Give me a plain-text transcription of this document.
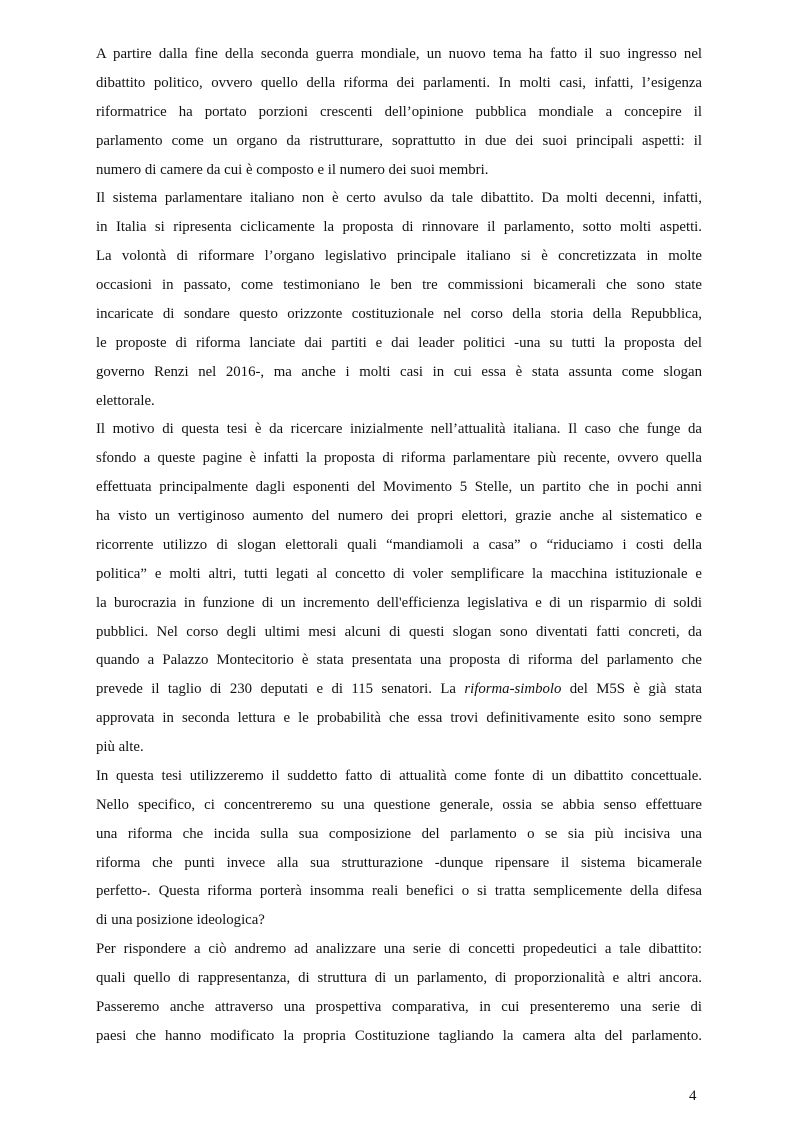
A partire dalla fine della seconda guerra mondiale, un nuovo tema ha fatto il suo ingresso nel
dibattito politico, ovvero quello della riforma dei parlamenti. In molti casi, infatti, l’esigenza
riformatrice ha portato porzioni crescenti dell’opinione pubblica mondiale a concepire il
parlamento come un organo da ristrutturare, soprattutto in due dei suoi principali aspetti: il
numero di camere da cui è composto e il numero dei suoi membri.
Il sistema parlamentare italiano non è certo avulso da tale dibattito. Da molti decenni, infatti,
in Italia si ripresenta ciclicamente la proposta di rinnovare il parlamento, sotto molti aspetti.
La volontà di riformare l’organo legislativo principale italiano si è concretizzata in molte
occasioni in passato, come testimoniano le ben tre commissioni bicamerali che sono state
incaricate di sondare questo orizzonte costituzionale nel corso della storia della Repubblica,
le proposte di riforma lanciate dai partiti e dai leader politici -una su tutti la proposta del
governo Renzi nel 2016-, ma anche i molti casi in cui essa è stata assunta come slogan
elettorale.
Il motivo di questa tesi è da ricercare inizialmente nell’attualità italiana. Il caso che funge da
sfondo a queste pagine è infatti la proposta di riforma parlamentare più recente, ovvero quella
effettuata principalmente dagli esponenti del Movimento 5 Stelle, un partito che in pochi anni
ha visto un vertiginoso aumento del numero dei propri elettori, grazie anche al sistematico e
ricorrente utilizzo di slogan elettorali quali “mandiamoli a casa” o “riduciamo i costi della
politica” e molti altri, tutti legati al concetto di voler semplificare la macchina istituzionale e
la burocrazia in funzione di un incremento dell'efficienza legislativa e di un risparmio di soldi
pubblici. Nel corso degli ultimi mesi alcuni di questi slogan sono diventati fatti concreti, da
quando a Palazzo Montecitorio è stata presentata una proposta di riforma del parlamento che
prevede il taglio di 230 deputati e di 115 senatori. La riforma-simbolo del M5S è già stata
approvata in seconda lettura e le probabilità che essa trovi definitivamente esito sono sempre
più alte.
In questa tesi utilizzeremo il suddetto fatto di attualità come fonte di un dibattito concettuale.
Nello specifico, ci concentreremo su una questione generale, ossia se abbia senso effettuare
una riforma che incida sulla sua composizione del parlamento o se sia più incisiva una
riforma che punti invece alla sua strutturazione -dunque ripensare il sistema bicamerale
perfetto-. Questa riforma porterà insomma reali benefici o si tratta semplicemente della difesa
di una posizione ideologica?
Per rispondere a ciò andremo ad analizzare una serie di concetti propedeutici a tale dibattito:
quali quello di rappresentanza, di struttura di un parlamento, di proporzionalità e altri ancora.
Passeremo anche attraverso una prospettiva comparativa, in cui presenteremo una serie di
paesi che hanno modificato la propria Costituzione tagliando la camera alta del parlamento.
4
